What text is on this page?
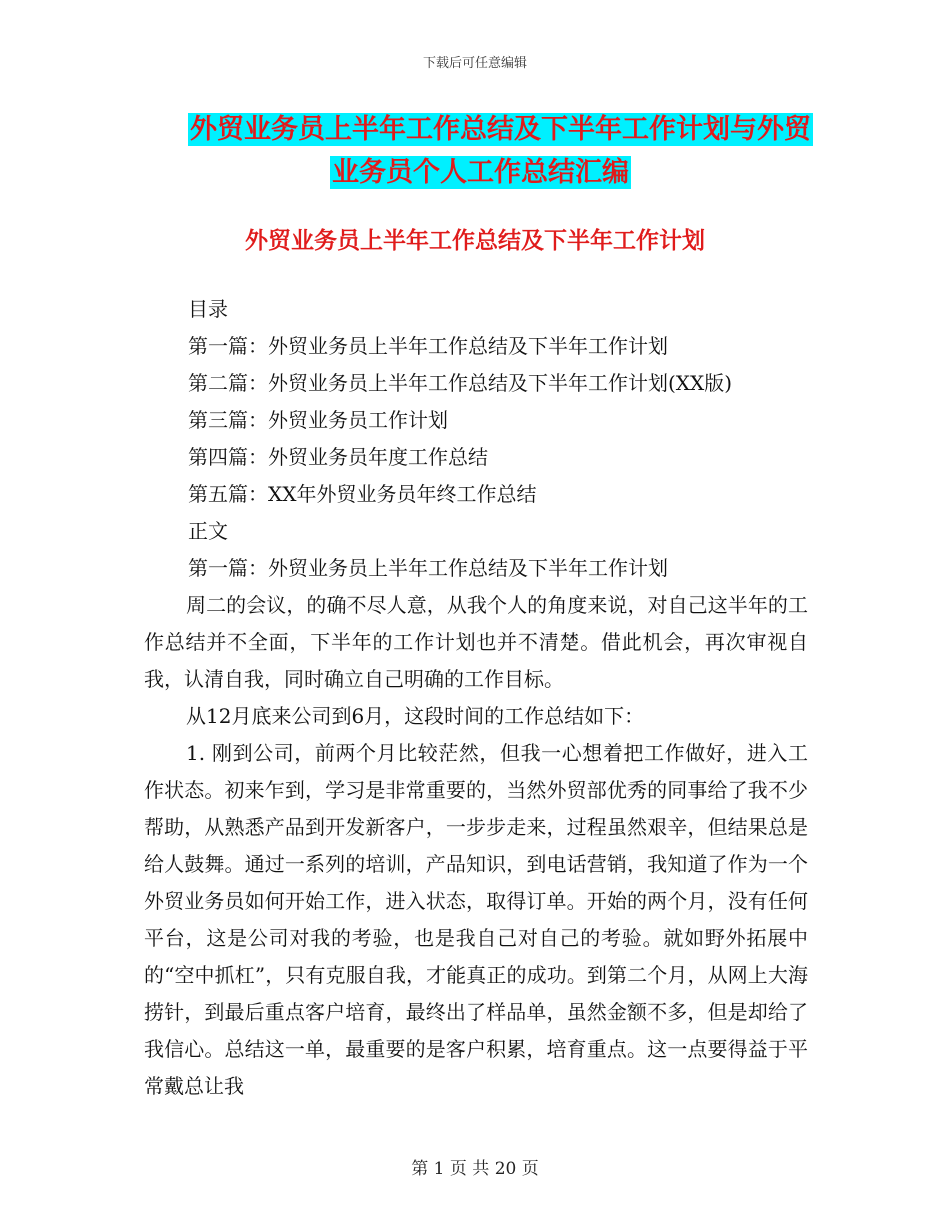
下载后可任意编辑
外贸业务员上半年工作总结及下半年工作计划与外贸
业务员个人工作总结汇编
外贸业务员上半年工作总结及下半年工作计划
目录
第一篇：外贸业务员上半年工作总结及下半年工作计划
第二篇：外贸业务员上半年工作总结及下半年工作计划(XX版)
第三篇：外贸业务员工作计划
第四篇：外贸业务员年度工作总结
第五篇：XX年外贸业务员年终工作总结
正文
第一篇：外贸业务员上半年工作总结及下半年工作计划
周二的会议，的确不尽人意，从我个人的角度来说，对自己这半年的工作总结并不全面，下半年的工作计划也并不清楚。借此机会，再次审视自我，认清自我，同时确立自己明确的工作目标。
从12月底来公司到6月，这段时间的工作总结如下：
1. 刚到公司，前两个月比较茫然，但我一心想着把工作做好，进入工作状态。初来乍到，学习是非常重要的，当然外贸部优秀的同事给了我不少帮助，从熟悉产品到开发新客户，一步步走来，过程虽然艰辛，但结果总是给人鼓舞。通过一系列的培训，产品知识，到电话营销，我知道了作为一个外贸业务员如何开始工作，进入状态，取得订单。开始的两个月，没有任何平台，这是公司对我的考验，也是我自己对自己的考验。就如野外拓展中的“空中抓杠”，只有克服自我，才能真正的成功。到第二个月，从网上大海捞针，到最后重点客户培育，最终出了样品单，虽然金额不多，但是却给了我信心。总结这一单，最重要的是客户积累，培育重点。这一点要得益于平常戴总让我
第 1 页 共 20 页
